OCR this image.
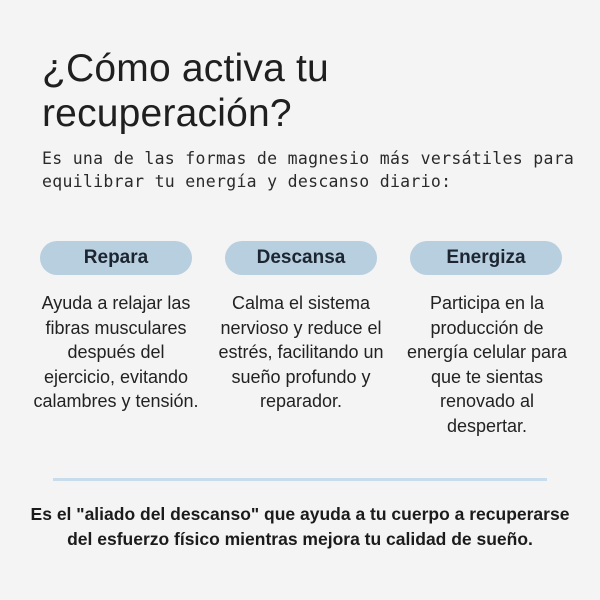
¿Cómo activa tu recuperación?

Es una de las formas de magnesio más versátiles para equilibrar tu energía y descanso diario:

Repara	Descansa	Energiza

Ayuda a relajar las fibras musculares después del ejercicio, evitando calambres y tensión.

Calma el sistema nervioso y reduce el estrés, facilitando un sueño profundo y reparador.

Participa en la producción de energía celular para que te sientas renovado al despertar.

Es el "aliado del descanso" que ayuda a tu cuerpo a recuperarse del esfuerzo físico mientras mejora tu calidad de sueño.
